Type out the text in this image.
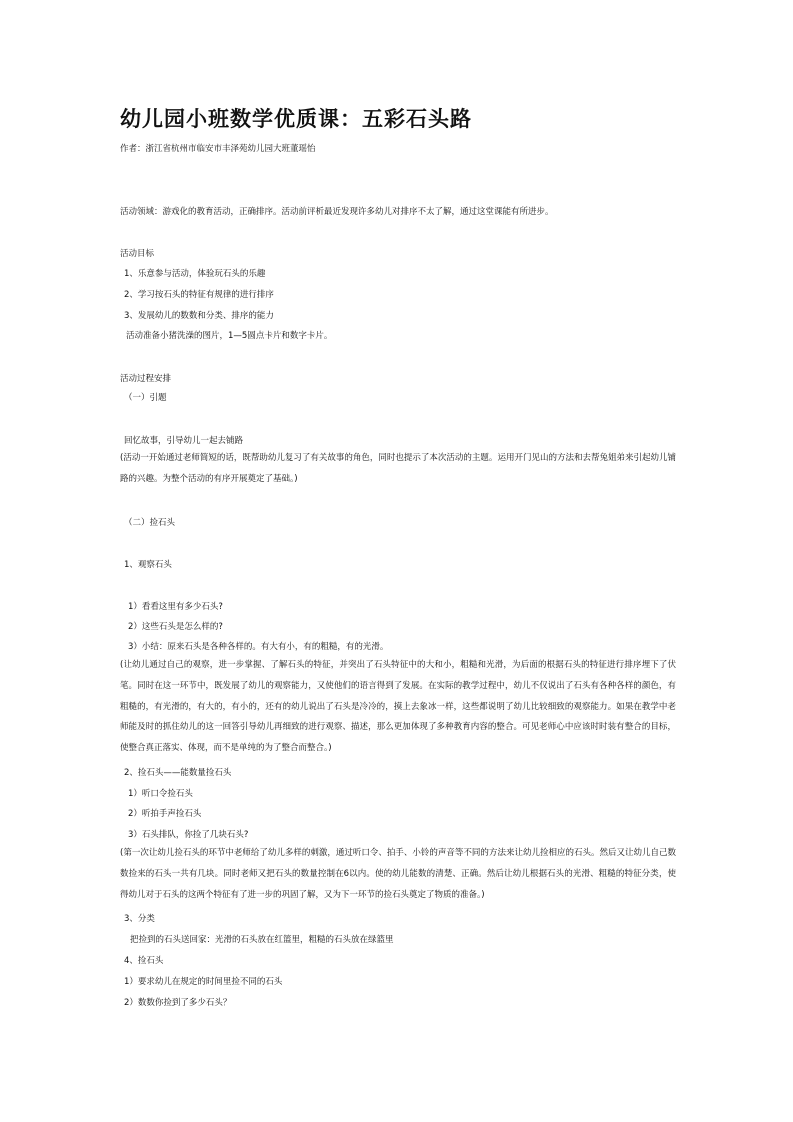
幼儿园小班数学优质课：五彩石头路
作者：浙江省杭州市临安市丰泽苑幼儿园大班董瑶怡
活动领域：游戏化的教育活动，正确排序。活动前评析最近发现许多幼儿对排序不太了解，通过这堂课能有所进步。
活动目标
1、乐意参与活动，体验玩石头的乐趣
2、学习按石头的特征有规律的进行排序
3、发展幼儿的数数和分类、排序的能力
活动准备小猪洗澡的图片，1—5圆点卡片和数字卡片。
活动过程安排
（一）引题
回忆故事，引导幼儿一起去铺路

(活动一开始通过老师简短的话，既帮助幼儿复习了有关故事的角色，同时也提示了本次活动的主题。运用开门见山的方法和去帮兔姐弟来引起幼儿铺路的兴趣。为整个活动的有序开展奠定了基础。)

（二）捡石头
1、观察石头
1）看看这里有多少石头?
2）这些石头是怎么样的?
3）小结：原来石头是各种各样的。有大有小，有的粗糙，有的光滑。

(让幼儿通过自己的观察，进一步掌握、了解石头的特征，并突出了石头特征中的大和小，粗糙和光滑，为后面的根据石头的特征进行排序埋下了伏笔。同时在这一环节中，既发展了幼儿的观察能力，又使他们的语言得到了发展。在实际的教学过程中，幼儿不仅说出了石头有各种各样的颜色，有粗糙的，有光滑的，有大的，有小的，还有的幼儿说出了石头是冷冷的，摸上去象冰一样，这些都说明了幼儿比较细致的观察能力。如果在教学中老师能及时的抓住幼儿的这一回答引导幼儿再细致的进行观察、描述，那么更加体现了多种教育内容的整合。可见老师心中应该时时装有整合的目标，使整合真正落实、体现，而不是单纯的为了整合而整合。)

2、捡石头——能数量捡石头
1）听口令捡石头
2）听拍手声捡石头
3）石头排队，你捡了几块石头?

(第一次让幼儿捡石头的环节中老师给了幼儿多样的刺激，通过听口令、拍手、小铃的声音等不同的方法来让幼儿捡相应的石头。然后又让幼儿自己数数捡来的石头一共有几块。同时老师又把石头的数量控制在6以内。使的幼儿能数的清楚、正确。然后让幼儿根据石头的光滑、粗糙的特征分类，使得幼儿对于石头的这两个特征有了进一步的巩固了解，又为下一环节的捡石头奠定了物质的准备。)

3、分类
把捡到的石头送回家：光滑的石头放在红篮里，粗糙的石头放在绿篮里
4、捡石头
1）要求幼儿在规定的时间里捡不同的石头
2）数数你捡到了多少石头？
